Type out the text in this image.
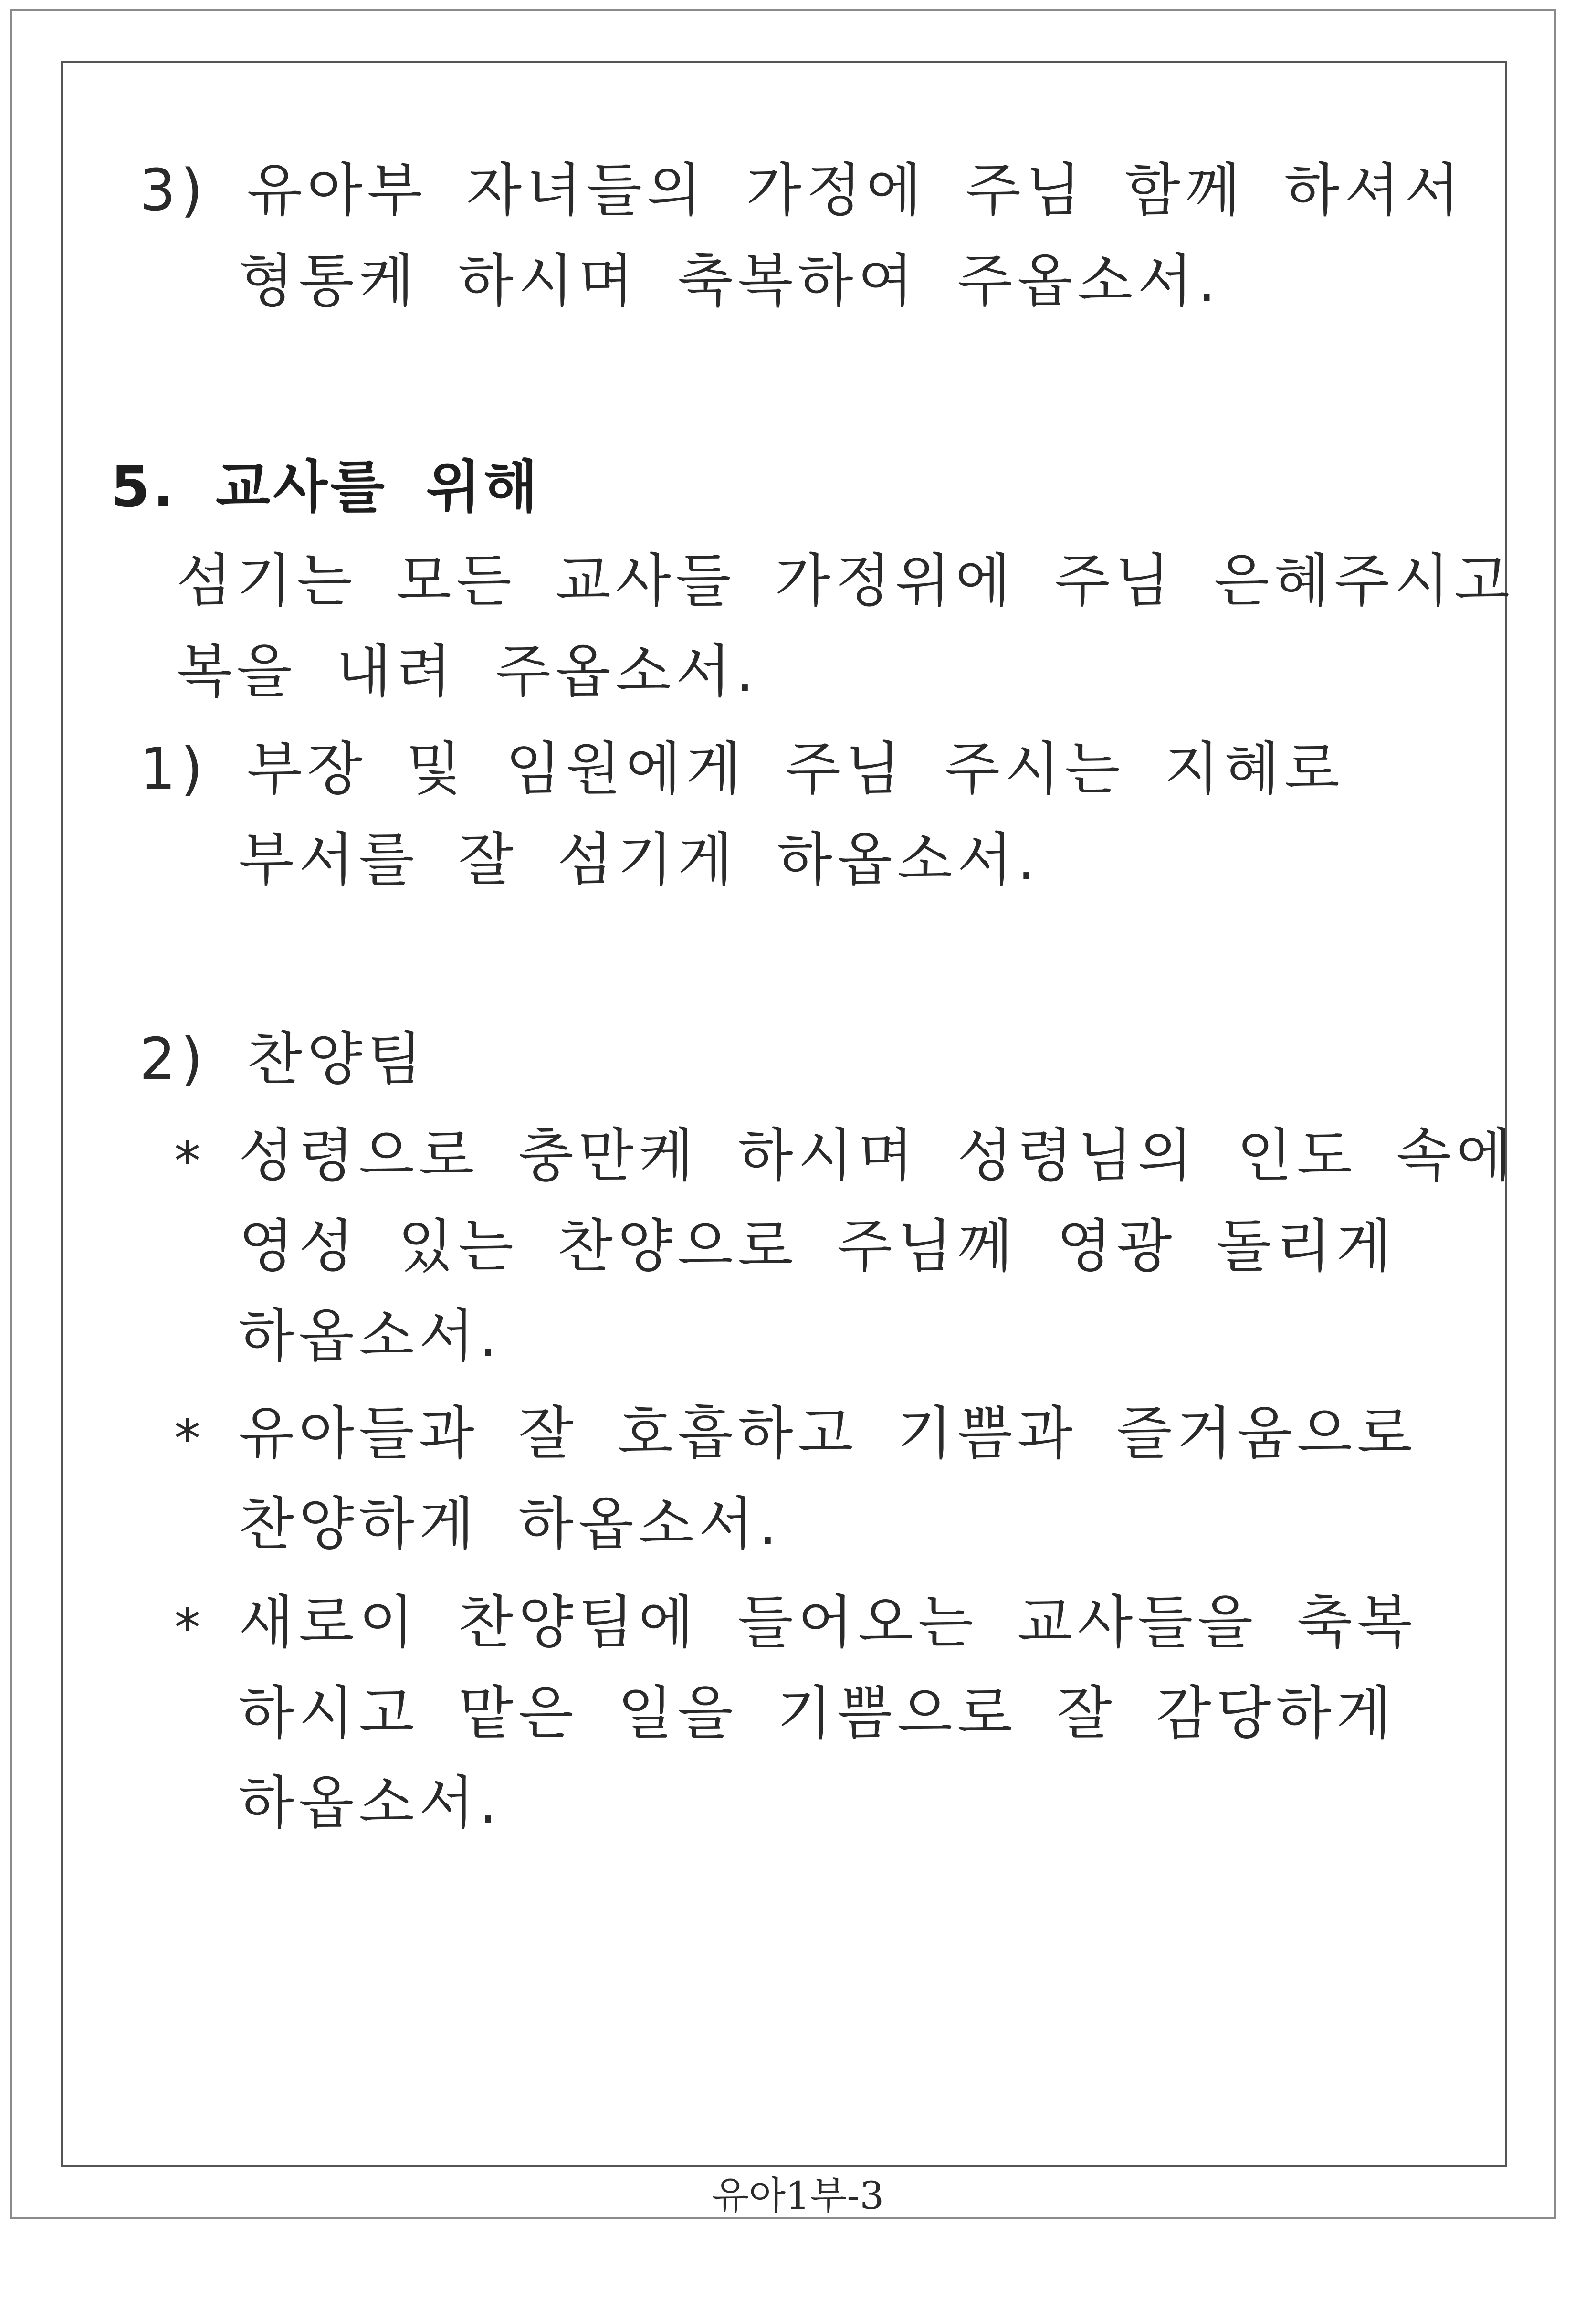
3) 유아부 자녀들의 가정에 주님 함께 하셔서
형통케 하시며 축복하여 주옵소서.
5. 교사를 위해
섬기는 모든 교사들 가정위에 주님 은혜주시고
복을 내려 주옵소서.
1) 부장 및 임원에게 주님 주시는 지혜로
부서를 잘 섬기게 하옵소서.
2) 찬양팀
* 성령으로 충만케 하시며 성령님의 인도 속에
영성 있는 찬양으로 주님께 영광 돌리게
하옵소서.
* 유아들과 잘 호흡하고 기쁨과 즐거움으로
찬양하게 하옵소서.
* 새로이 찬양팀에 들어오는 교사들을 축복
하시고 맡은 일을 기쁨으로 잘 감당하게
하옵소서.
유아1부-3
